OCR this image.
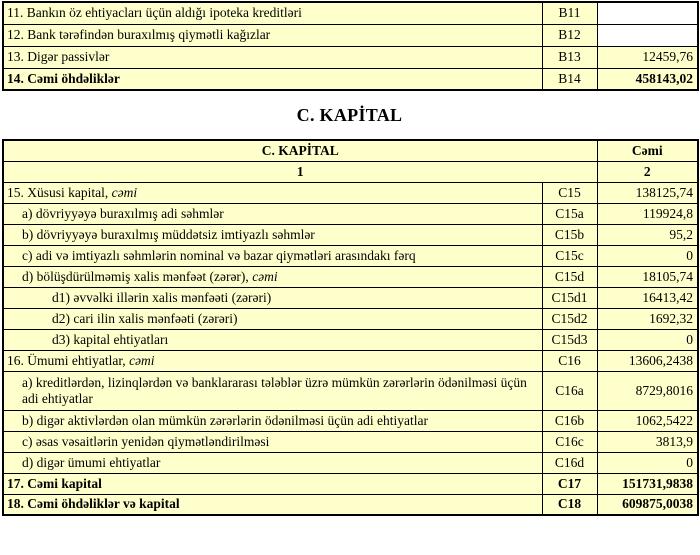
11. Bankın öz ehtiyacları üçün aldığı ipoteka kreditləri	B11	
12. Bank tərəfindən buraxılmış qiymətli kağızlar	B12	
13. Digər passivlər	B13	12459,76
14. Cəmi öhdəliklər	B14	458143,02
C. KAPİTAL
C. KAPİTAL		Cəmi
1		2
15. Xüsusi kapital, cəmi	C15	138125,74
a) dövriyyəyə buraxılmış adi səhmlər	C15a	119924,8
b) dövriyyəyə buraxılmış müddətsiz imtiyazlı səhmlər	C15b	95,2
c) adi və imtiyazlı səhmlərin nominal və bazar qiymətləri arasındakı fərq	C15c	0
d) bölüşdürülməmiş xalis mənfəət (zərər), cəmi	C15d	18105,74
d1) əvvəlki illərin xalis mənfəəti (zərəri)	C15d1	16413,42
d2) cari ilin xalis mənfəəti (zərəri)	C15d2	1692,32
d3) kapital ehtiyatları	C15d3	0
16. Ümumi ehtiyatlar, cəmi	C16	13606,2438
a) kreditlərdən, lizinqlərdən və banklararası tələblər üzrə mümkün zərərlərin ödənilməsi üçün adi ehtiyatlar	C16a	8729,8016
b) digər aktivlərdən olan mümkün zərərlərin ödənilməsi üçün adi ehtiyatlar	C16b	1062,5422
c) əsas vəsaitlərin yenidən qiymətləndirilməsi	C16c	3813,9
d) digər ümumi ehtiyatlar	C16d	0
17. Cəmi kapital	C17	151731,9838
18. Cəmi öhdəliklər və kapital	C18	609875,0038
